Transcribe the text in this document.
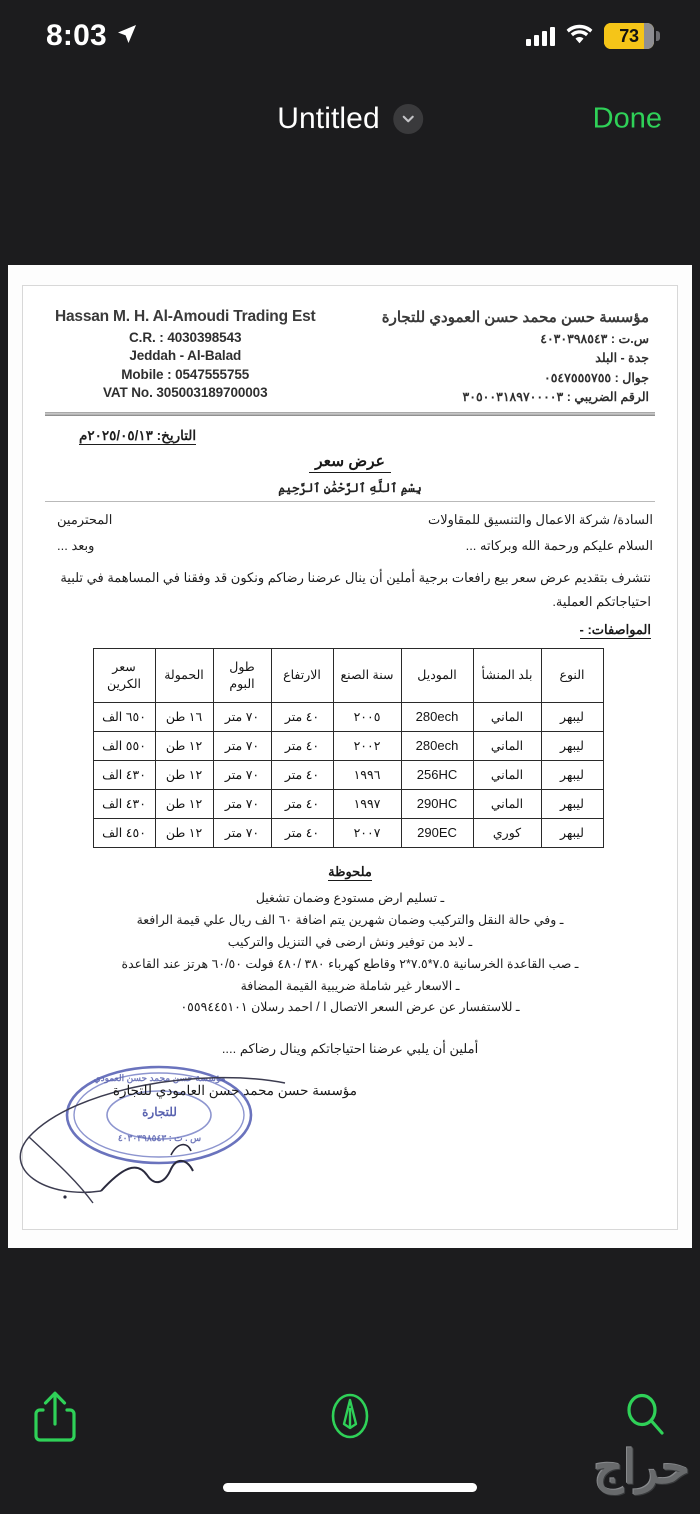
8:03	73
Untitled	Done
Hassan M. H. Al-Amoudi Trading Est
C.R. : 4030398543
Jeddah - Al-Balad
Mobile : 0547555755
VAT No. 305003189700003
مؤسسة حسن محمد حسن العمودي للتجارة
س.ت : ٤٠٣٠٣٩٨٥٤٣
جدة - البلد
جوال : ٠٥٤٧٥٥٥٧٥٥
الرقم الضريبي : ٣٠٥٠٠٣١٨٩٧٠٠٠٠٣
التاريخ: ٢٠٢٥/٠٥/١٣م
عرض سعر
بِسْمِ ٱللَّهِ ٱلرَّحْمَٰنِ ٱلرَّحِيمِ
السادة/ شركة الاعمال والتنسيق للمقاولات
المحترمين
السلام عليكم ورحمة الله وبركاته ...
وبعد ...
نتشرف بتقديم عرض سعر بيع رافعات برجية أملين أن ينال عرضنا رضاكم ونكون قد وفقنا في المساهمة في تلبية احتياجاتكم العملية.
المواصفات: -
النوع	بلد المنشأ	الموديل	سنة الصنع	الارتفاع	طول البوم	الحمولة	سعر الكرين
ليبهر	الماني	280ech	٢٠٠٥	٤٠ متر	٧٠ متر	١٦ طن	٦٥٠ الف
ليبهر	الماني	280ech	٢٠٠٢	٤٠ متر	٧٠ متر	١٢ طن	٥٥٠ الف
ليبهر	الماني	256HC	١٩٩٦	٤٠ متر	٧٠ متر	١٢ طن	٤٣٠ الف
ليبهر	الماني	290HC	١٩٩٧	٤٠ متر	٧٠ متر	١٢ طن	٤٣٠ الف
ليبهر	كوري	290EC	٢٠٠٧	٤٠ متر	٧٠ متر	١٢ طن	٤٥٠ الف
ملحوظة
ـ تسليم ارض مستودع وضمان تشغيل
ـ وفي حالة النقل والتركيب وضمان شهرين يتم اضافة ٦٠ الف ريال علي قيمة الرافعة
ـ لابد من توفير ونش ارضى في التنزيل والتركيب
ـ صب القاعدة الخرسانية ٧.٥*٧.٥*٢ وقاطع كهرباء ٣٨٠ /٤٨٠ فولت ٦٠/٥٠ هرتز عند القاعدة
ـ الاسعار غير شاملة ضريبية القيمة المضافة
ـ للاستفسار عن عرض السعر الاتصال ا / احمد رسلان ٠٥٥٩٤٤٥١٠١
أملين أن يلبي عرضنا احتياجاتكم وينال رضاكم ....
مؤسسة حسن محمد حسن العمودي
للتجارة
س . ت : ٤٠٣٠٣٩٨٥٤٣
مؤسسة حسن محمد حسن العامودي للتجارة
حراج
